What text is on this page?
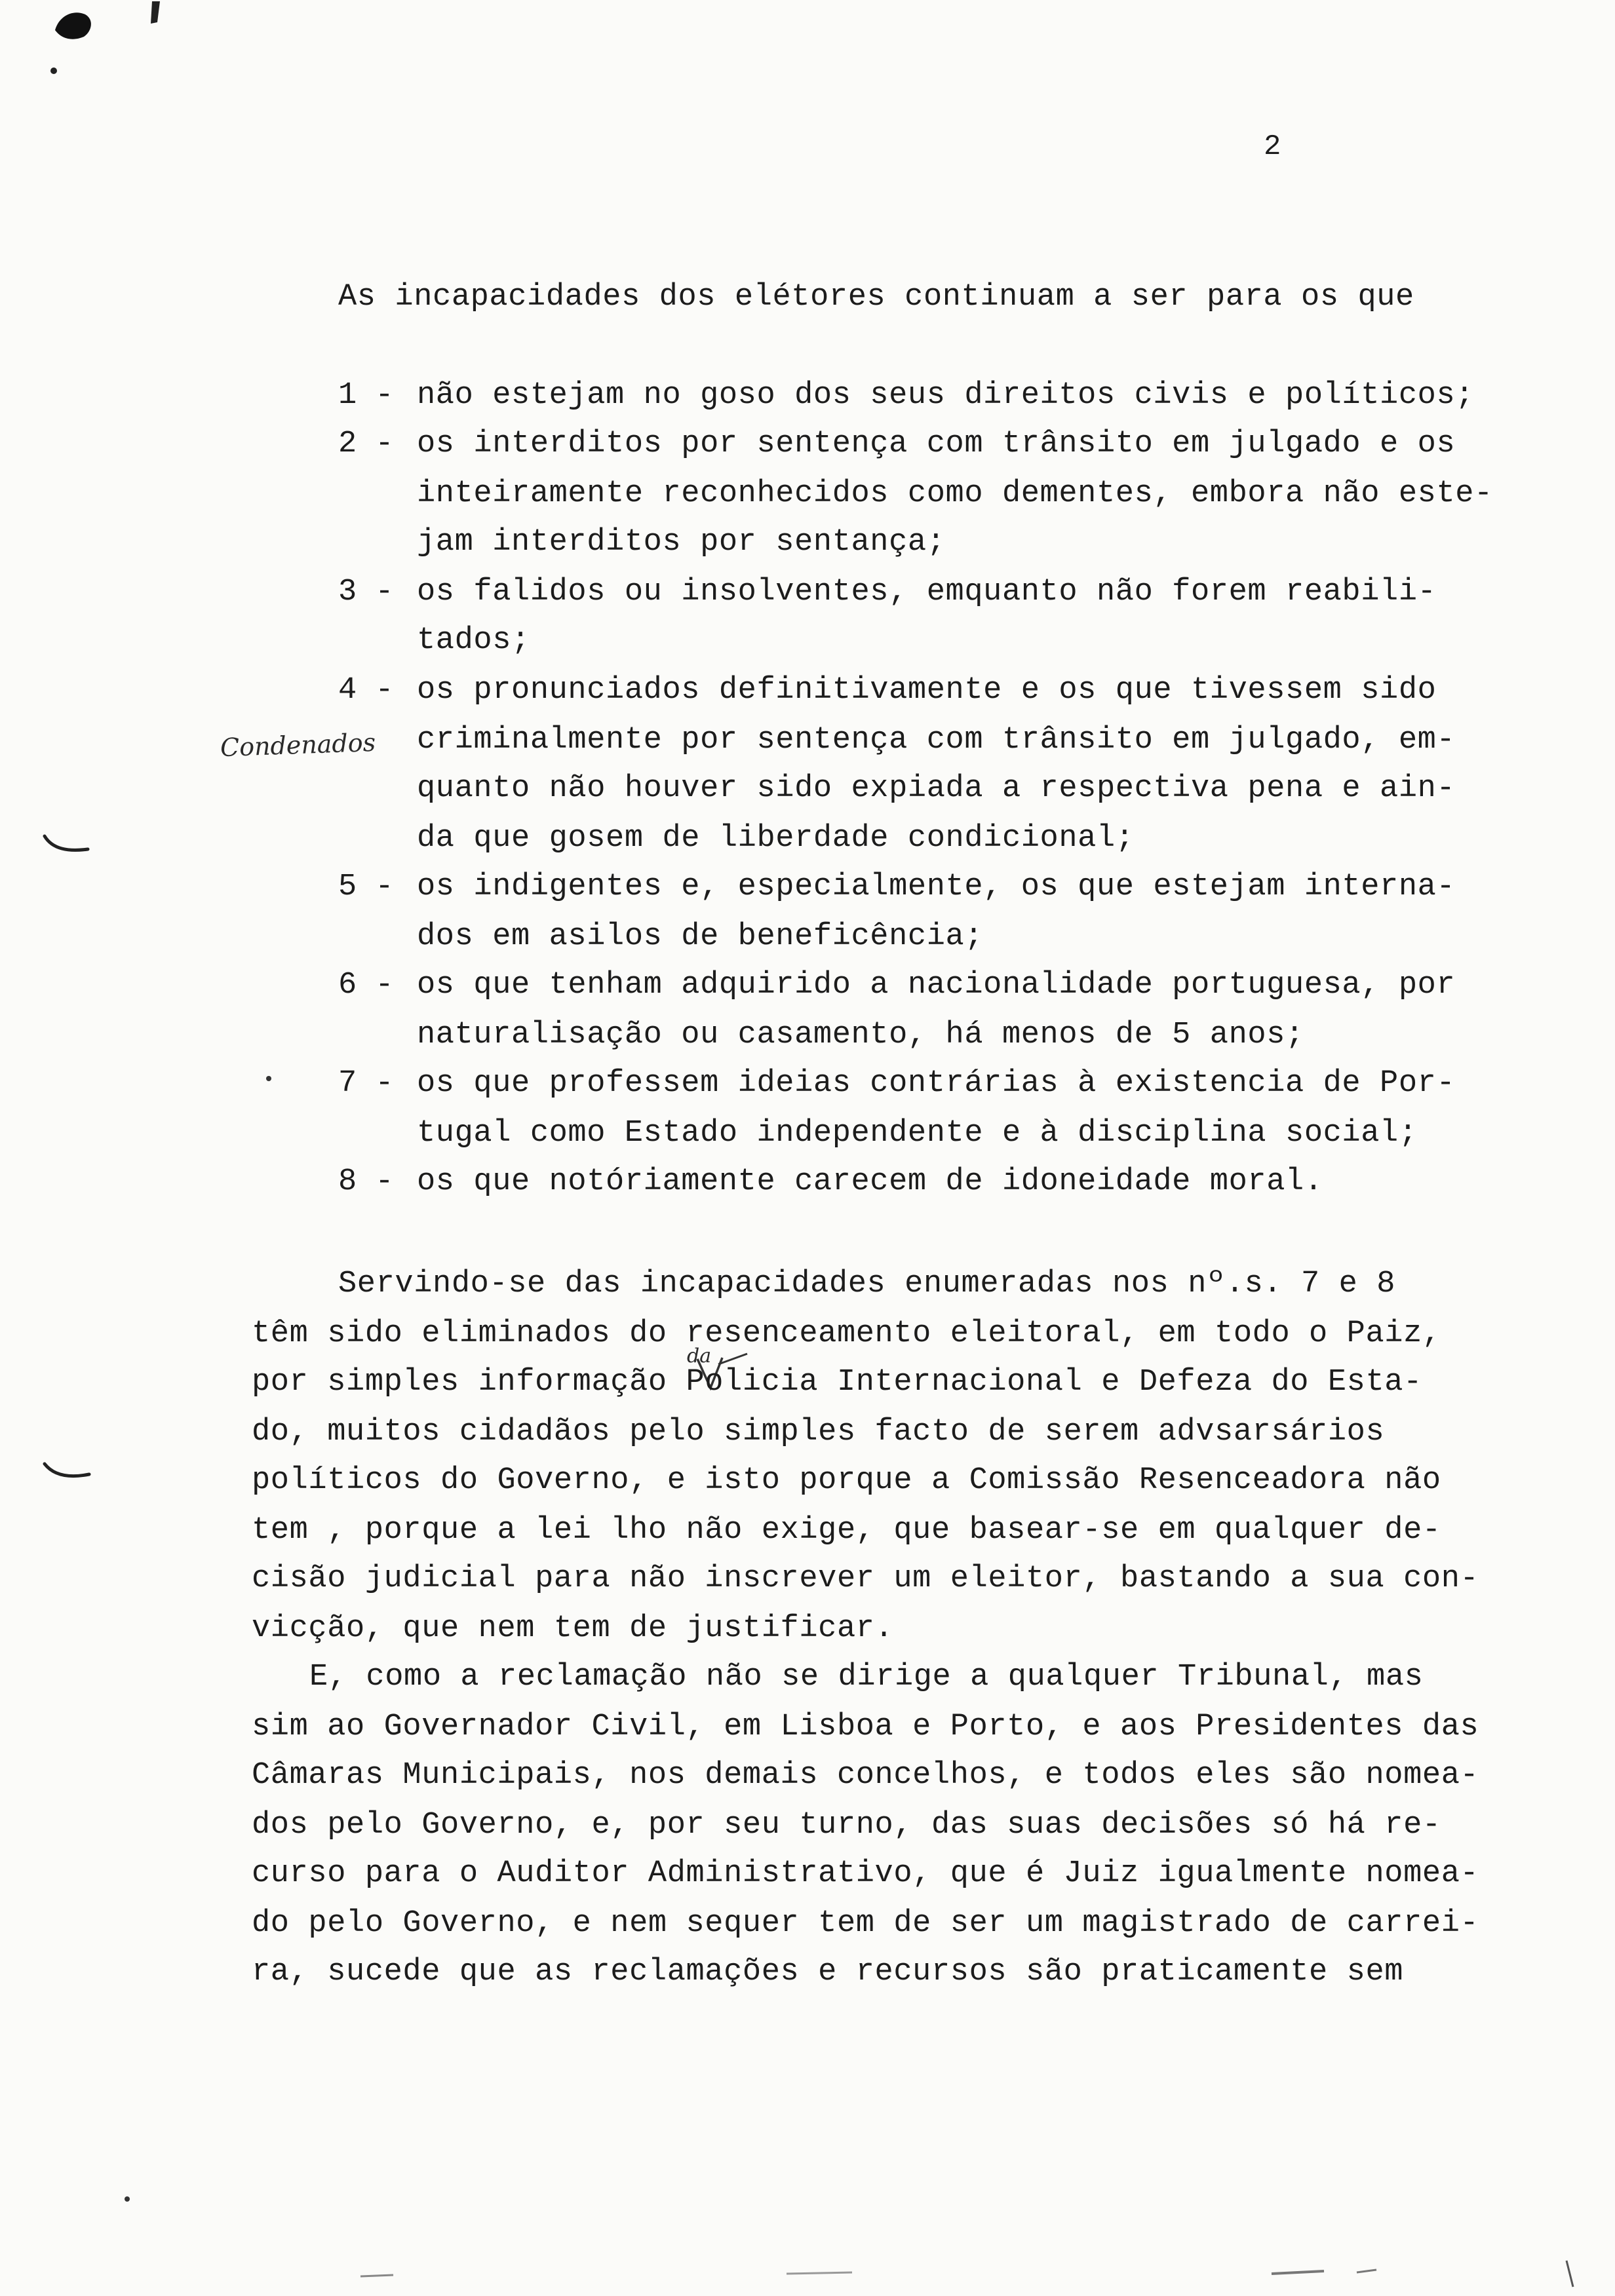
2
As incapacidades dos elétores continuam a ser para os que
1 - não estejam no goso dos seus direitos civis e políticos;
2 - os interditos por sentença com trânsito em julgado e os
inteiramente reconhecidos como dementes, embora não este-
jam interditos por sentança;
3 - os falidos ou insolventes, emquanto não forem reabili-
tados;
4 - os pronunciados definitivamente e os que tivessem sido
Condenados criminalmente por sentença com trânsito em julgado, em-
quanto não houver sido expiada a respectiva pena e ain-
da que gosem de liberdade condicional;
5 - os indigentes e, especialmente, os que estejam interna-
dos em asilos de beneficência;
6 - os que tenham adquirido a nacionalidade portuguesa, por
naturalisação ou casamento, há menos de 5 anos;
7 - os que professem ideias contrárias à existencia de Por-
tugal como Estado independente e à disciplina social;
8 - os que notóriamente carecem de idoneidade moral.
Servindo-se das incapacidades enumeradas nos nº.s. 7 e 8
da
têm sido eliminados do resenceamento eleitoral, em todo o Paiz,
por simples informação Policia Internacional e Defeza do Esta-
do, muitos cidadãos pelo simples facto de serem advsarsários
políticos do Governo, e isto porque a Comissão Resenceadora não
tem , porque a lei lho não exige, que basear-se em qualquer de-
cisão judicial para não inscrever um eleitor, bastando a sua con-
vicção, que nem tem de justificar.
E, como a reclamação não se dirige a qualquer Tribunal, mas
sim ao Governador Civil, em Lisboa e Porto, e aos Presidentes das
Câmaras Municipais, nos demais concelhos, e todos eles são nomea-
dos pelo Governo, e, por seu turno, das suas decisões só há re-
curso para o Auditor Administrativo, que é Juiz igualmente nomea-
do pelo Governo, e nem sequer tem de ser um magistrado de carrei-
ra, sucede que as reclamações e recursos são praticamente sem
